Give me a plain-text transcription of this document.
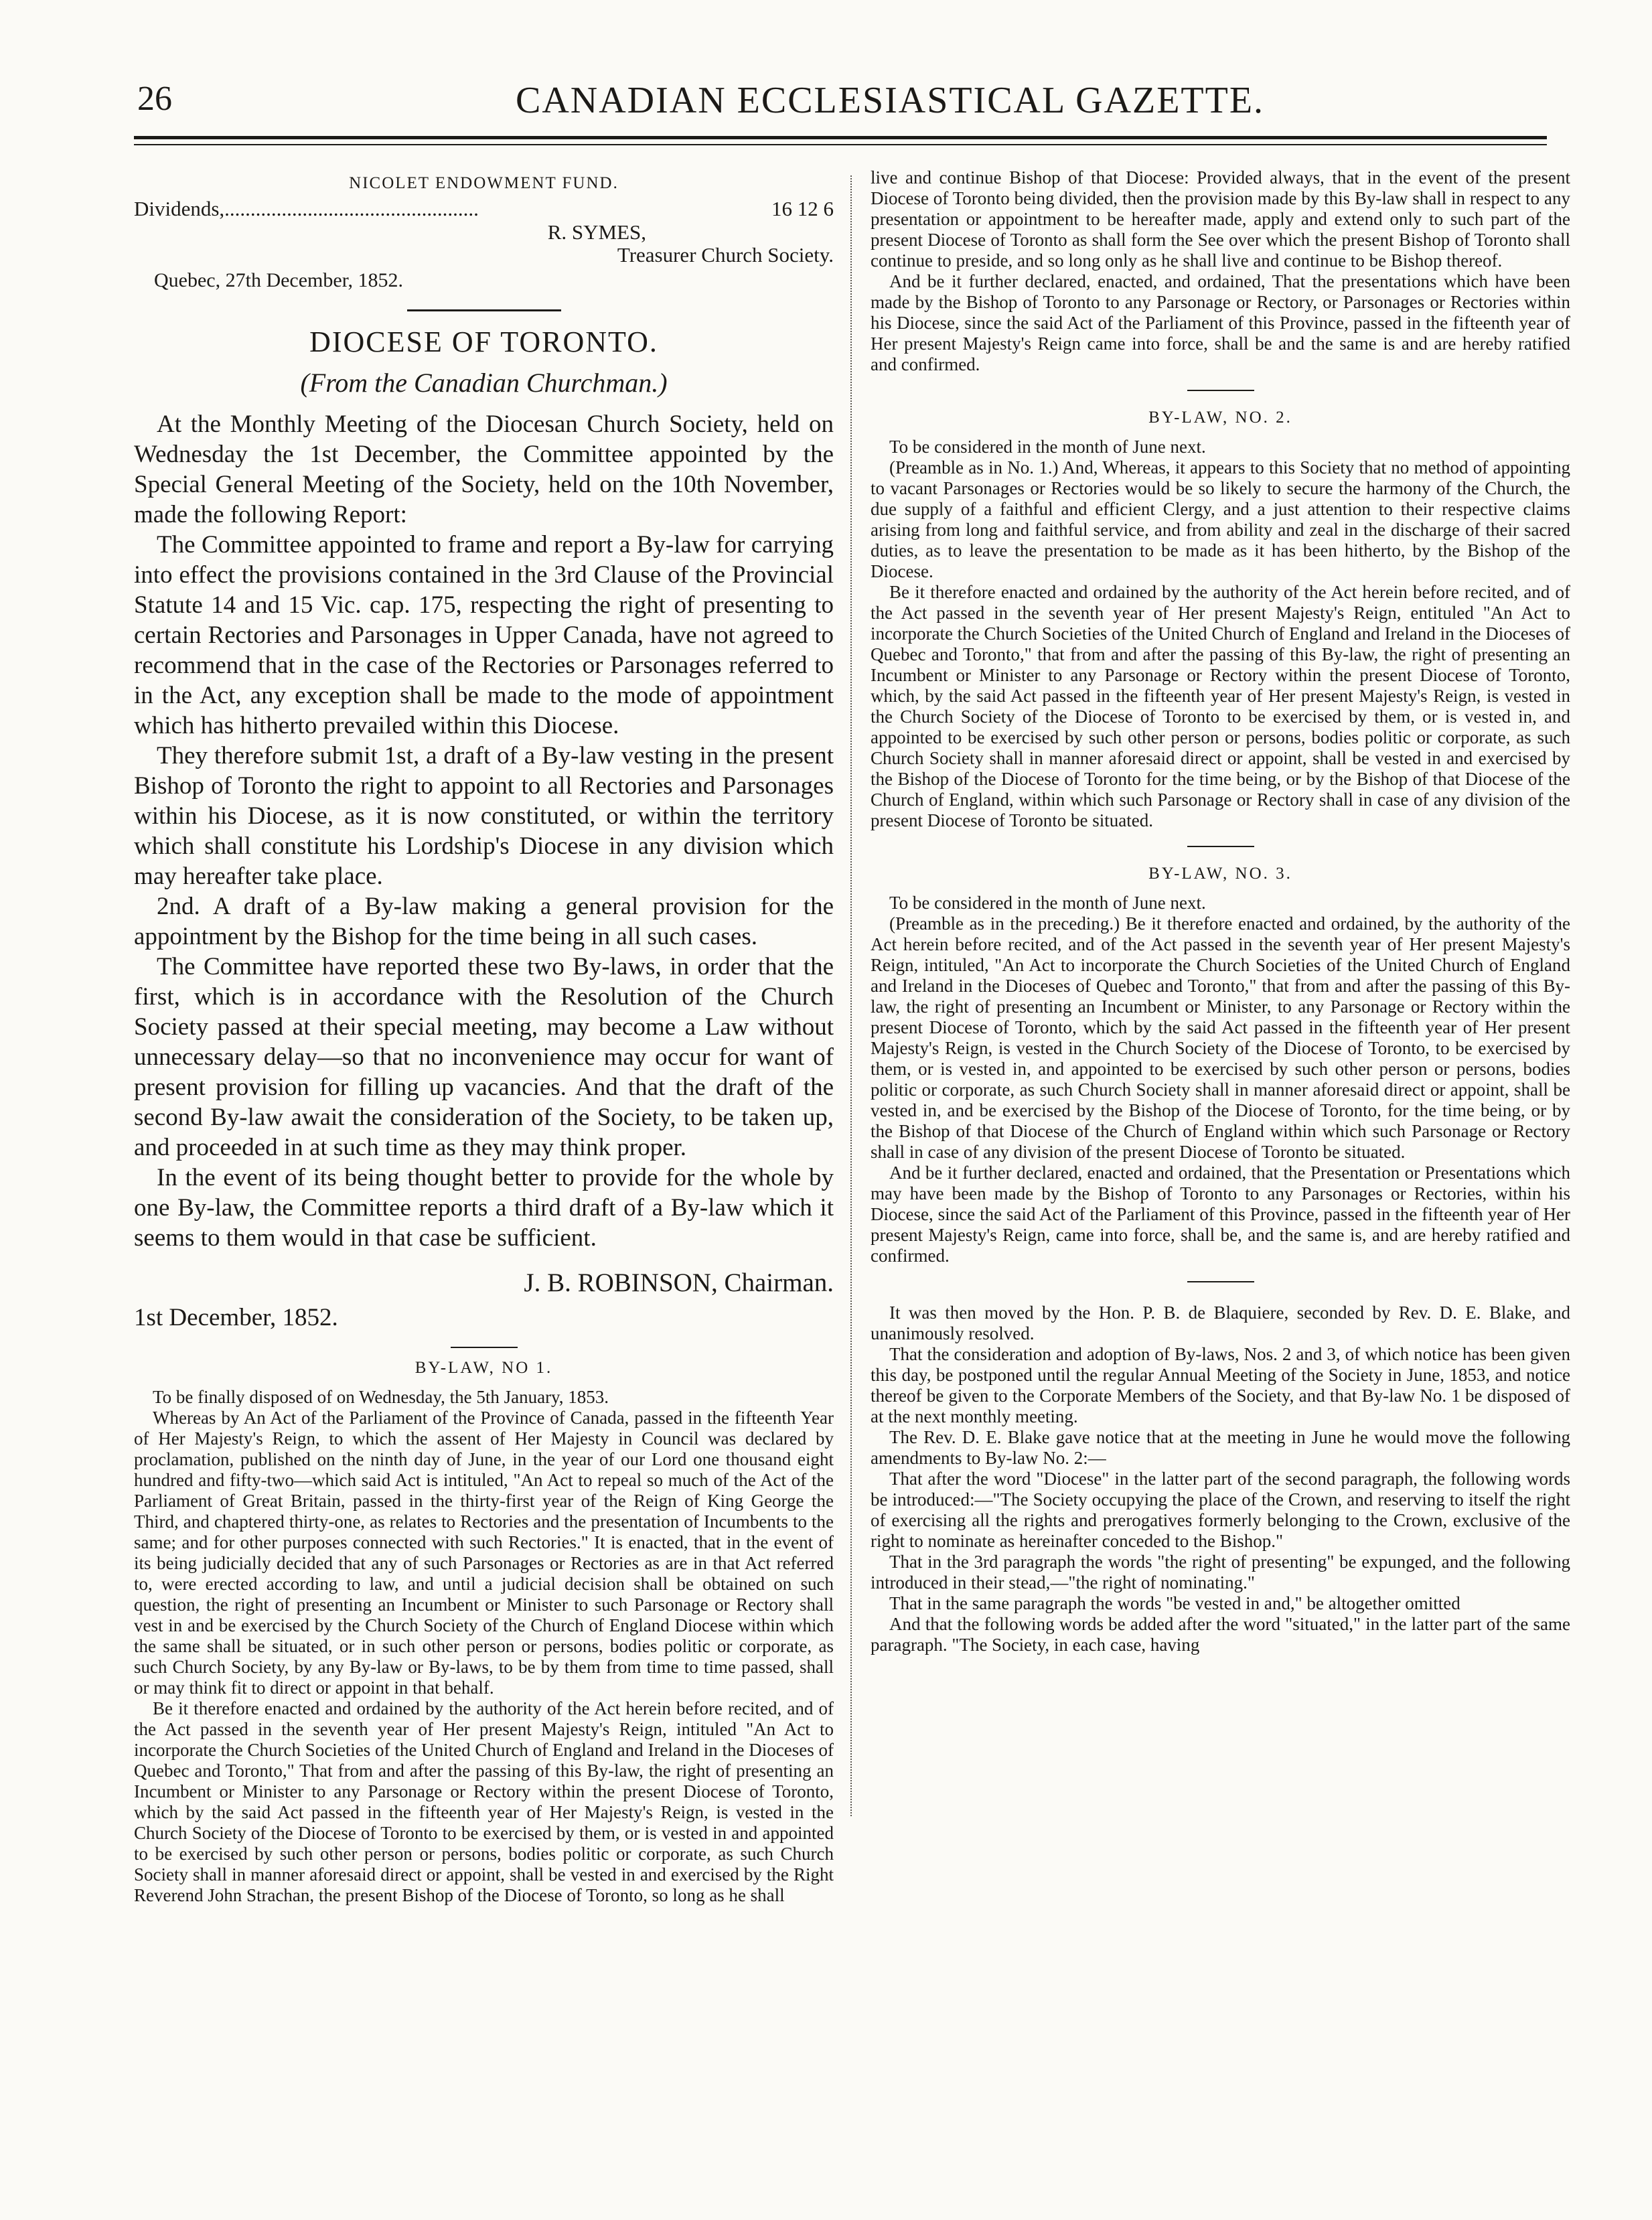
26	CANADIAN ECCLESIASTICAL GAZETTE.
NICOLET ENDOWMENT FUND.
Dividends,.................................................	16 12 6
R. SYMES,
Treasurer Church Society.
Quebec, 27th December, 1852.
DIOCESE OF TORONTO.
(From the Canadian Churchman.)

At the Monthly Meeting of the Diocesan Church Society, held on Wednesday the 1st December, the Committee appointed by the Special General Meeting of the Society, held on the 10th November, made the following Report:

The Committee appointed to frame and report a By-law for carrying into effect the provisions contained in the 3rd Clause of the Provincial Statute 14 and 15 Vic. cap. 175, respecting the right of presenting to certain Rectories and Parsonages in Upper Canada, have not agreed to recommend that in the case of the Rectories or Parsonages referred to in the Act, any exception shall be made to the mode of appointment which has hitherto prevailed within this Diocese.

They therefore submit 1st, a draft of a By-law vesting in the present Bishop of Toronto the right to appoint to all Rectories and Parsonages within his Diocese, as it is now constituted, or within the territory which shall constitute his Lordship's Diocese in any division which may hereafter take place.

2nd. A draft of a By-law making a general provision for the appointment by the Bishop for the time being in all such cases.

The Committee have reported these two By-laws, in order that the first, which is in accordance with the Resolution of the Church Society passed at their special meeting, may become a Law without unnecessary delay—so that no inconvenience may occur for want of present provision for filling up vacancies. And that the draft of the second By-law await the consideration of the Society, to be taken up, and proceeded in at such time as they may think proper.

In the event of its being thought better to provide for the whole by one By-law, the Committee reports a third draft of a By-law which it seems to them would in that case be sufficient.

J. B. ROBINSON, Chairman.
1st December, 1852.
BY-LAW, NO 1.

To be finally disposed of on Wednesday, the 5th January, 1853.

Whereas by An Act of the Parliament of the Province of Canada, passed in the fifteenth Year of Her Majesty's Reign, to which the assent of Her Majesty in Council was declared by proclamation, published on the ninth day of June, in the year of our Lord one thousand eight hundred and fifty-two—which said Act is intituled, "An Act to repeal so much of the Act of the Parliament of Great Britain, passed in the thirty-first year of the Reign of King George the Third, and chaptered thirty-one, as relates to Rectories and the presentation of Incumbents to the same; and for other purposes connected with such Rectories." It is enacted, that in the event of its being judicially decided that any of such Parsonages or Rectories as are in that Act referred to, were erected according to law, and until a judicial decision shall be obtained on such question, the right of presenting an Incumbent or Minister to such Parsonage or Rectory shall vest in and be exercised by the Church Society of the Church of England Diocese within which the same shall be situated, or in such other person or persons, bodies politic or corporate, as such Church Society, by any By-law or By-laws, to be by them from time to time passed, shall or may think fit to direct or appoint in that behalf.

Be it therefore enacted and ordained by the authority of the Act herein before recited, and of the Act passed in the seventh year of Her present Majesty's Reign, intituled "An Act to incorporate the Church Societies of the United Church of England and Ireland in the Dioceses of Quebec and Toronto," That from and after the passing of this By-law, the right of presenting an Incumbent or Minister to any Parsonage or Rectory within the present Diocese of Toronto, which by the said Act passed in the fifteenth year of Her Majesty's Reign, is vested in the Church Society of the Diocese of Toronto to be exercised by them, or is vested in and appointed to be exercised by such other person or persons, bodies politic or corporate, as such Church Society shall in manner aforesaid direct or appoint, shall be vested in and exercised by the Right Reverend John Strachan, the present Bishop of the Diocese of Toronto, so long as he shall

live and continue Bishop of that Diocese: Provided always, that in the event of the present Diocese of Toronto being divided, then the provision made by this By-law shall in respect to any presentation or appointment to be hereafter made, apply and extend only to such part of the present Diocese of Toronto as shall form the See over which the present Bishop of Toronto shall continue to preside, and so long only as he shall live and continue to be Bishop thereof.

And be it further declared, enacted, and ordained, That the presentations which have been made by the Bishop of Toronto to any Parsonage or Rectory, or Parsonages or Rectories within his Diocese, since the said Act of the Parliament of this Province, passed in the fifteenth year of Her present Majesty's Reign came into force, shall be and the same is and are hereby ratified and confirmed.

BY-LAW, NO. 2.

To be considered in the month of June next.

(Preamble as in No. 1.) And, Whereas, it appears to this Society that no method of appointing to vacant Parsonages or Rectories would be so likely to secure the harmony of the Church, the due supply of a faithful and efficient Clergy, and a just attention to their respective claims arising from long and faithful service, and from ability and zeal in the discharge of their sacred duties, as to leave the presentation to be made as it has been hitherto, by the Bishop of the Diocese.

Be it therefore enacted and ordained by the authority of the Act herein before recited, and of the Act passed in the seventh year of Her present Majesty's Reign, entituled "An Act to incorporate the Church Societies of the United Church of England and Ireland in the Dioceses of Quebec and Toronto," that from and after the passing of this By-law, the right of presenting an Incumbent or Minister to any Parsonage or Rectory within the present Diocese of Toronto, which, by the said Act passed in the fifteenth year of Her present Majesty's Reign, is vested in the Church Society of the Diocese of Toronto to be exercised by them, or is vested in, and appointed to be exercised by such other person or persons, bodies politic or corporate, as such Church Society shall in manner aforesaid direct or appoint, shall be vested in and exercised by the Bishop of the Diocese of Toronto for the time being, or by the Bishop of that Diocese of the Church of England, within which such Parsonage or Rectory shall in case of any division of the present Diocese of Toronto be situated.

BY-LAW, NO. 3.

To be considered in the month of June next.

(Preamble as in the preceding.) Be it therefore enacted and ordained, by the authority of the Act herein before recited, and of the Act passed in the seventh year of Her present Majesty's Reign, intituled, "An Act to incorporate the Church Societies of the United Church of England and Ireland in the Dioceses of Quebec and Toronto," that from and after the passing of this By-law, the right of presenting an Incumbent or Minister, to any Parsonage or Rectory within the present Diocese of Toronto, which by the said Act passed in the fifteenth year of Her present Majesty's Reign, is vested in the Church Society of the Diocese of Toronto, to be exercised by them, or is vested in, and appointed to be exercised by such other person or persons, bodies politic or corporate, as such Church Society shall in manner aforesaid direct or appoint, shall be vested in, and be exercised by the Bishop of the Diocese of Toronto, for the time being, or by the Bishop of that Diocese of the Church of England within which such Parsonage or Rectory shall in case of any division of the present Diocese of Toronto be situated.

And be it further declared, enacted and ordained, that the Presentation or Presentations which may have been made by the Bishop of Toronto to any Parsonages or Rectories, within his Diocese, since the said Act of the Parliament of this Province, passed in the fifteenth year of Her present Majesty's Reign, came into force, shall be, and the same is, and are hereby ratified and confirmed.

It was then moved by the Hon. P. B. de Blaquiere, seconded by Rev. D. E. Blake, and unanimously resolved.

That the consideration and adoption of By-laws, Nos. 2 and 3, of which notice has been given this day, be postponed until the regular Annual Meeting of the Society in June, 1853, and notice thereof be given to the Corporate Members of the Society, and that By-law No. 1 be disposed of at the next monthly meeting.

The Rev. D. E. Blake gave notice that at the meeting in June he would move the following amendments to By-law No. 2:—

That after the word "Diocese" in the latter part of the second paragraph, the following words be introduced:—"The Society occupying the place of the Crown, and reserving to itself the right of exercising all the rights and prerogatives formerly belonging to the Crown, exclusive of the right to nominate as hereinafter conceded to the Bishop."

That in the 3rd paragraph the words "the right of presenting" be expunged, and the following introduced in their stead,—"the right of nominating."

That in the same paragraph the words "be vested in and," be altogether omitted

And that the following words be added after the word "situated," in the latter part of the same paragraph. "The Society, in each case, having
